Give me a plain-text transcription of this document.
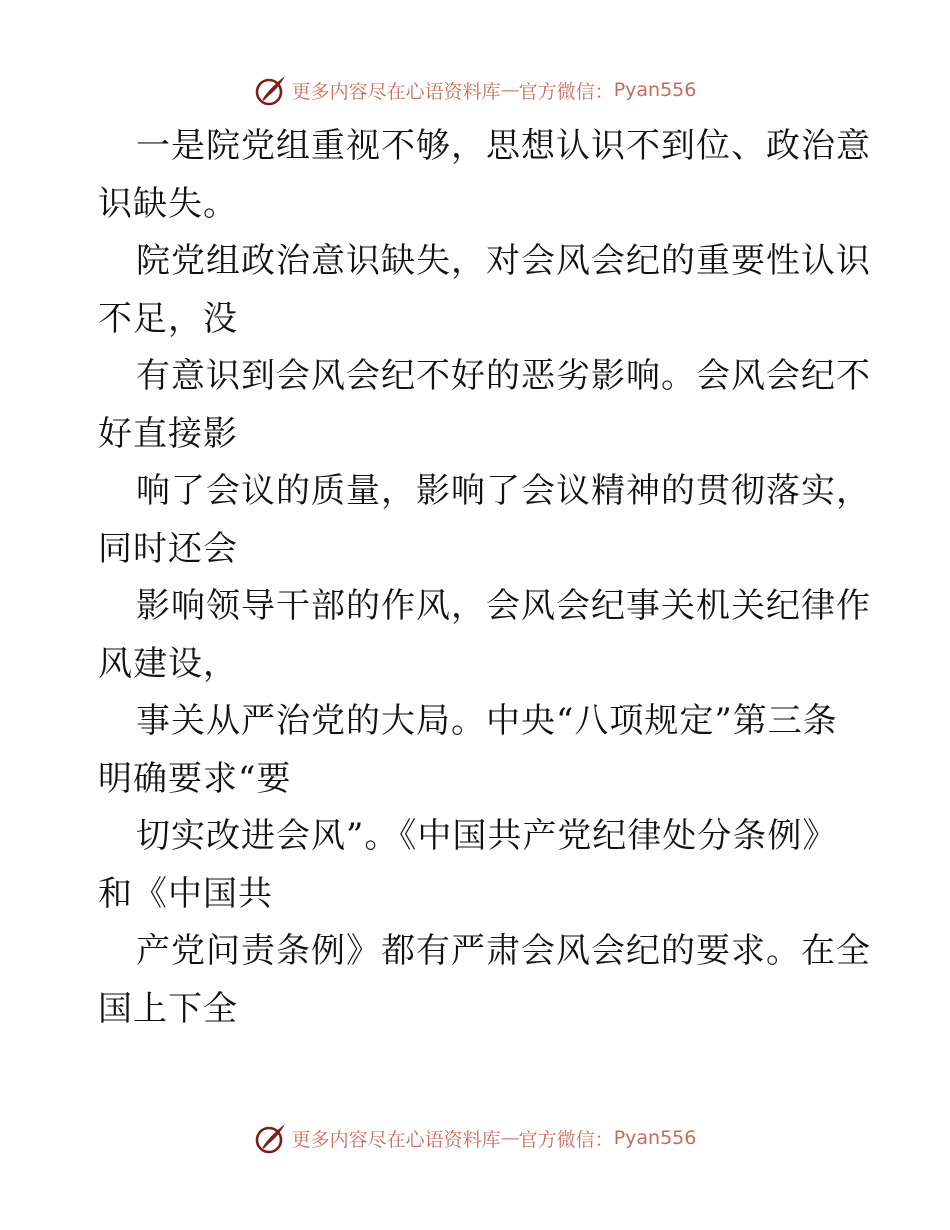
更多内容尽在心语资料库 — 官方微信： Pyan556
一是院党组重视不够，思想认识不到位、政治意
识缺失。
院党组政治意识缺失，对会风会纪的重要性认识
不足，没
有意识到会风会纪不好的恶劣影响。会风会纪不
好直接影
响了会议的质量，影响了会议精神的贯彻落实，
同时还会
影响领导干部的作风，会风会纪事关机关纪律作
风建设，
事关从严治党的大局。中央“八项规定”第三条
明确要求“要
切实改进会风”。《中国共产党纪律处分条例》
和《中国共
产党问责条例》都有严肃会风会纪的要求。在全
国上下全
更多内容尽在心语资料库 — 官方微信： Pyan556
